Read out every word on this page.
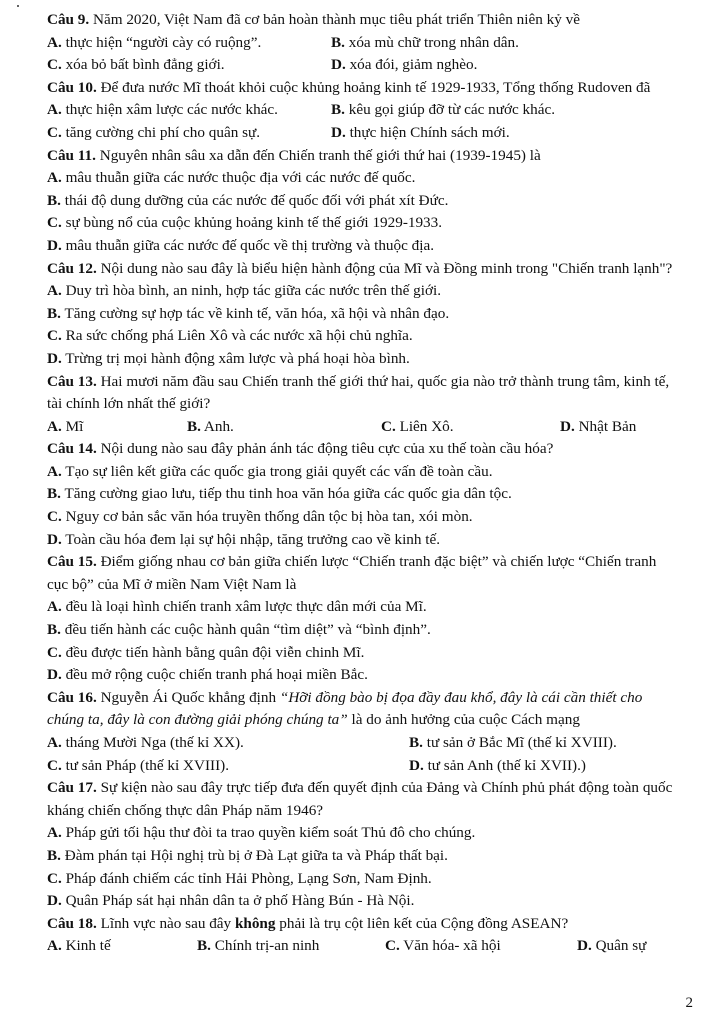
Câu 9. Năm 2020, Việt Nam đã cơ bản hoàn thành mục tiêu phát triển Thiên niên kỷ về

A. thực hiện “người cày có ruộng”.	B. xóa mù chữ trong nhân dân.

C. xóa bỏ bất bình đẳng giới.	D. xóa đói, giảm nghèo.

Câu 10. Để đưa nước Mĩ thoát khỏi cuộc khủng hoảng kinh tế 1929-1933, Tổng thống Rudoven đã

A. thực hiện xâm lược các nước khác.	B. kêu gọi giúp đỡ từ các nước khác.

C. tăng cường chi phí cho quân sự.	D. thực hiện Chính sách mới.

Câu 11. Nguyên nhân sâu xa dẫn đến Chiến tranh thế giới thứ hai (1939-1945) là

A. mâu thuẫn giữa các nước thuộc địa với các nước đế quốc.

B. thái độ dung dưỡng của các nước đế quốc đối với phát xít Đức.

C. sự bùng nổ của cuộc khủng hoảng kinh tế thế giới 1929-1933.

D. mâu thuẫn giữa các nước đế quốc về thị trường và thuộc địa.

Câu 12. Nội dung nào sau đây là biểu hiện hành động của Mĩ và Đồng minh trong "Chiến tranh lạnh"?

A. Duy trì hòa bình, an ninh, hợp tác giữa các nước trên thế giới.

B. Tăng cường sự hợp tác về kinh tế, văn hóa, xã hội và nhân đạo.

C. Ra sức chống phá Liên Xô và các nước xã hội chủ nghĩa.

D. Trừng trị mọi hành động xâm lược và phá hoại hòa bình.

Câu 13. Hai mươi năm đầu sau Chiến tranh thế giới thứ hai, quốc gia nào trở thành trung tâm, kinh tế, tài chính lớn nhất thế giới?

A. Mĩ	B. Anh.	C. Liên Xô.	D. Nhật Bản

Câu 14. Nội dung nào sau đây phản ánh tác động tiêu cực của xu thế toàn cầu hóa?

A. Tạo sự liên kết giữa các quốc gia trong giải quyết các vấn đề toàn cầu.

B. Tăng cường giao lưu, tiếp thu tinh hoa văn hóa giữa các quốc gia dân tộc.

C. Nguy cơ bản sắc văn hóa truyền thống dân tộc bị hòa tan, xói mòn.

D. Toàn cầu hóa đem lại sự hội nhập, tăng trưởng cao về kinh tế.

Câu 15. Điểm giống nhau cơ bản giữa chiến lược “Chiến tranh đặc biệt” và chiến lược “Chiến tranh cục bộ” của Mĩ ở miền Nam Việt Nam là

A. đều là loại hình chiến tranh xâm lược thực dân mới của Mĩ.

B. đều tiến hành các cuộc hành quân “tìm diệt” và “bình định”.

C. đều được tiến hành bằng quân đội viễn chinh Mĩ.

D. đều mở rộng cuộc chiến tranh phá hoại miền Bắc.

Câu 16. Nguyễn Ái Quốc khẳng định “Hỡi đồng bào bị đọa đầy đau khổ, đây là cái cần thiết cho chúng ta, đây là con đường giải phóng chúng ta” là do ảnh hưởng của cuộc Cách mạng

A. tháng Mười Nga (thế kỉ XX).	B. tư sản ở Bắc Mĩ (thế kỉ XVIII).

C. tư sản Pháp (thế kỉ XVIII).	D. tư sản Anh (thế kỉ XVII).)

Câu 17. Sự kiện nào sau đây trực tiếp đưa đến quyết định của Đảng và Chính phủ phát động toàn quốc kháng chiến chống thực dân Pháp năm 1946?

A. Pháp gửi tối hậu thư đòi ta trao quyền kiểm soát Thủ đô cho chúng.

B. Đàm phán tại Hội nghị trù bị ở Đà Lạt giữa ta và Pháp thất bại.

C. Pháp đánh chiếm các tỉnh Hải Phòng, Lạng Sơn, Nam Định.

D. Quân Pháp sát hại nhân dân ta ở phố Hàng Bún - Hà Nội.

Câu 18. Lĩnh vực nào sau đây không phải là trụ cột liên kết của Cộng đồng ASEAN?

A. Kinh tế	B. Chính trị-an ninh	C. Văn hóa- xã hội	D. Quân sự

2
